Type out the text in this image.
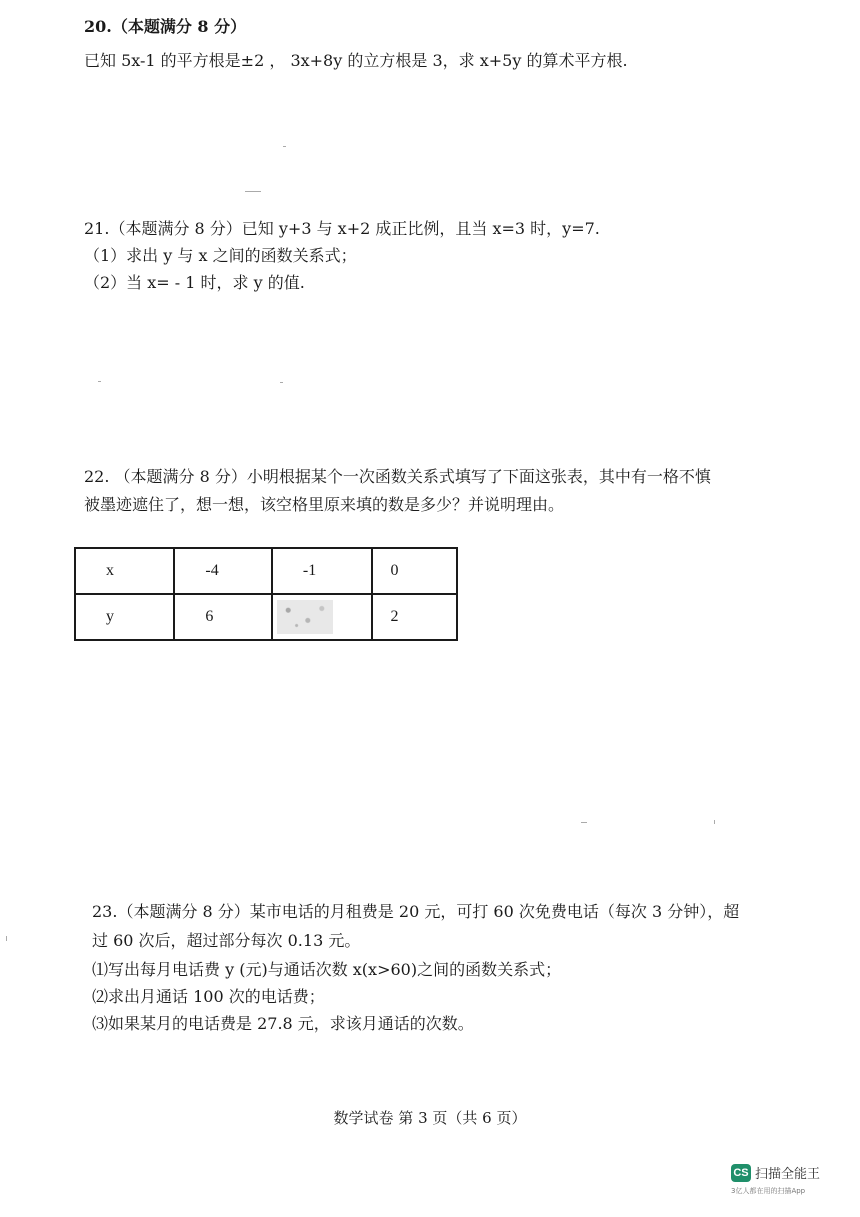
20.（本题满分 8 分）
已知 5x-1 的平方根是±2 ， 3x+8y 的立方根是 3，求 x+5y 的算术平方根.
21.（本题满分 8 分）已知 y+3 与 x+2 成正比例，且当 x=3 时，y=7.
（1）求出 y 与 x 之间的函数关系式；
（2）当 x= - 1 时，求 y 的值.
22. （本题满分 8 分）小明根据某个一次函数关系式填写了下面这张表，其中有一格不慎
被墨迹遮住了，想一想，该空格里原来填的数是多少？并说明理由。
x	-4	-1	0
y	6		2
23.（本题满分 8 分）某市电话的月租费是 20 元，可打 60 次免费电话（每次 3 分钟），超
过 60 次后，超过部分每次 0.13 元。
⑴写出每月电话费 y (元)与通话次数 x(x>60)之间的函数关系式；
⑵求出月通话 100 次的电话费；
⑶如果某月的电话费是 27.8 元，求该月通话的次数。
数学试卷 第 3 页（共 6 页）
CS 扫描全能王
3亿人都在用的扫描App
